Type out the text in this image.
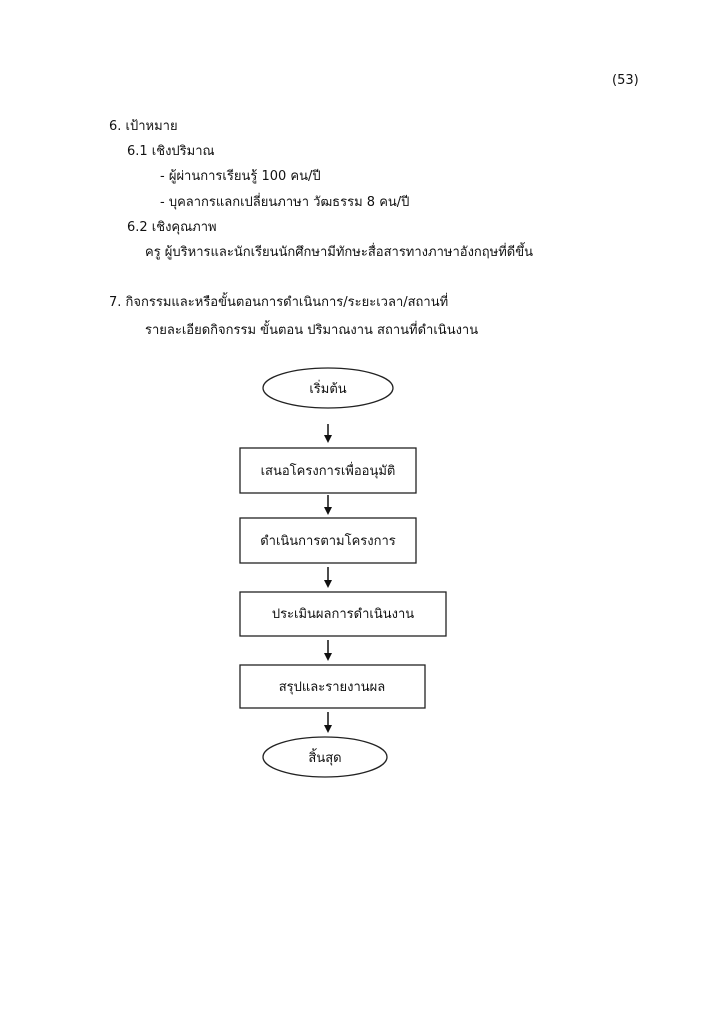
(53)
6. เป้าหมาย
6.1 เชิงปริมาณ
- ผู้ผ่านการเรียนรู้ 100 คน/ปี
- บุคลากรแลกเปลี่ยนภาษา วัฒธรรม 8 คน/ปี
6.2 เชิงคุณภาพ
ครู ผู้บริหารและนักเรียนนักศึกษามีทักษะสื่อสารทางภาษาอังกฤษที่ดีขึ้น
7. กิจกรรมและหรือขั้นตอนการดำเนินการ/ระยะเวลา/สถานที่
รายละเอียดกิจกรรม ขั้นตอน ปริมาณงาน สถานที่ดำเนินงาน
เริ่มต้น
เสนอโครงการเพื่ออนุมัติ
ดำเนินการตามโครงการ
ประเมินผลการดำเนินงาน
สรุปและรายงานผล
สิ้นสุด
